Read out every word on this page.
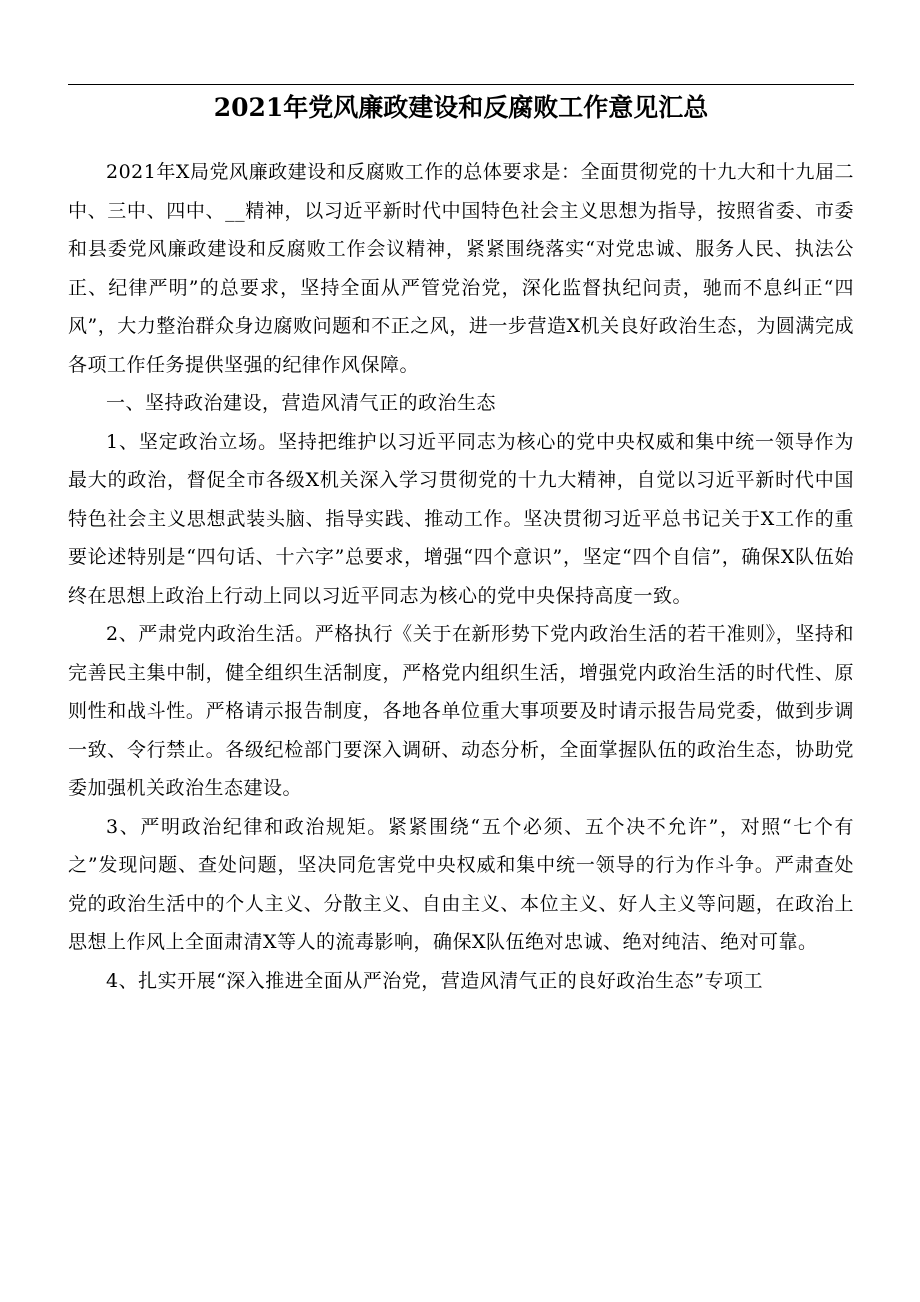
2021年党风廉政建设和反腐败工作意见汇总

2021年X局党风廉政建设和反腐败工作的总体要求是：全面贯彻党的十九大和十九届二中、三中、四中、__精神，以习近平新时代中国特色社会主义思想为指导，按照省委、市委和县委党风廉政建设和反腐败工作会议精神，紧紧围绕落实“对党忠诚、服务人民、执法公正、纪律严明”的总要求，坚持全面从严管党治党，深化监督执纪问责，驰而不息纠正“四风”，大力整治群众身边腐败问题和不正之风，进一步营造X机关良好政治生态，为圆满完成各项工作任务提供坚强的纪律作风保障。

一、坚持政治建设，营造风清气正的政治生态

1、坚定政治立场。坚持把维护以习近平同志为核心的党中央权威和集中统一领导作为最大的政治，督促全市各级X机关深入学习贯彻党的十九大精神，自觉以习近平新时代中国特色社会主义思想武装头脑、指导实践、推动工作。坚决贯彻习近平总书记关于X工作的重要论述特别是“四句话、十六字”总要求，增强“四个意识”，坚定“四个自信”，确保X队伍始终在思想上政治上行动上同以习近平同志为核心的党中央保持高度一致。

2、严肃党内政治生活。严格执行《关于在新形势下党内政治生活的若干准则》，坚持和完善民主集中制，健全组织生活制度，严格党内组织生活，增强党内政治生活的时代性、原则性和战斗性。严格请示报告制度，各地各单位重大事项要及时请示报告局党委，做到步调一致、令行禁止。各级纪检部门要深入调研、动态分析，全面掌握队伍的政治生态，协助党委加强机关政治生态建设。

3、严明政治纪律和政治规矩。紧紧围绕“五个必须、五个决不允许”，对照“七个有之”发现问题、查处问题，坚决同危害党中央权威和集中统一领导的行为作斗争。严肃查处党的政治生活中的个人主义、分散主义、自由主义、本位主义、好人主义等问题，在政治上思想上作风上全面肃清X等人的流毒影响，确保X队伍绝对忠诚、绝对纯洁、绝对可靠。

4、扎实开展“深入推进全面从严治党，营造风清气正的良好政治生态”专项工
